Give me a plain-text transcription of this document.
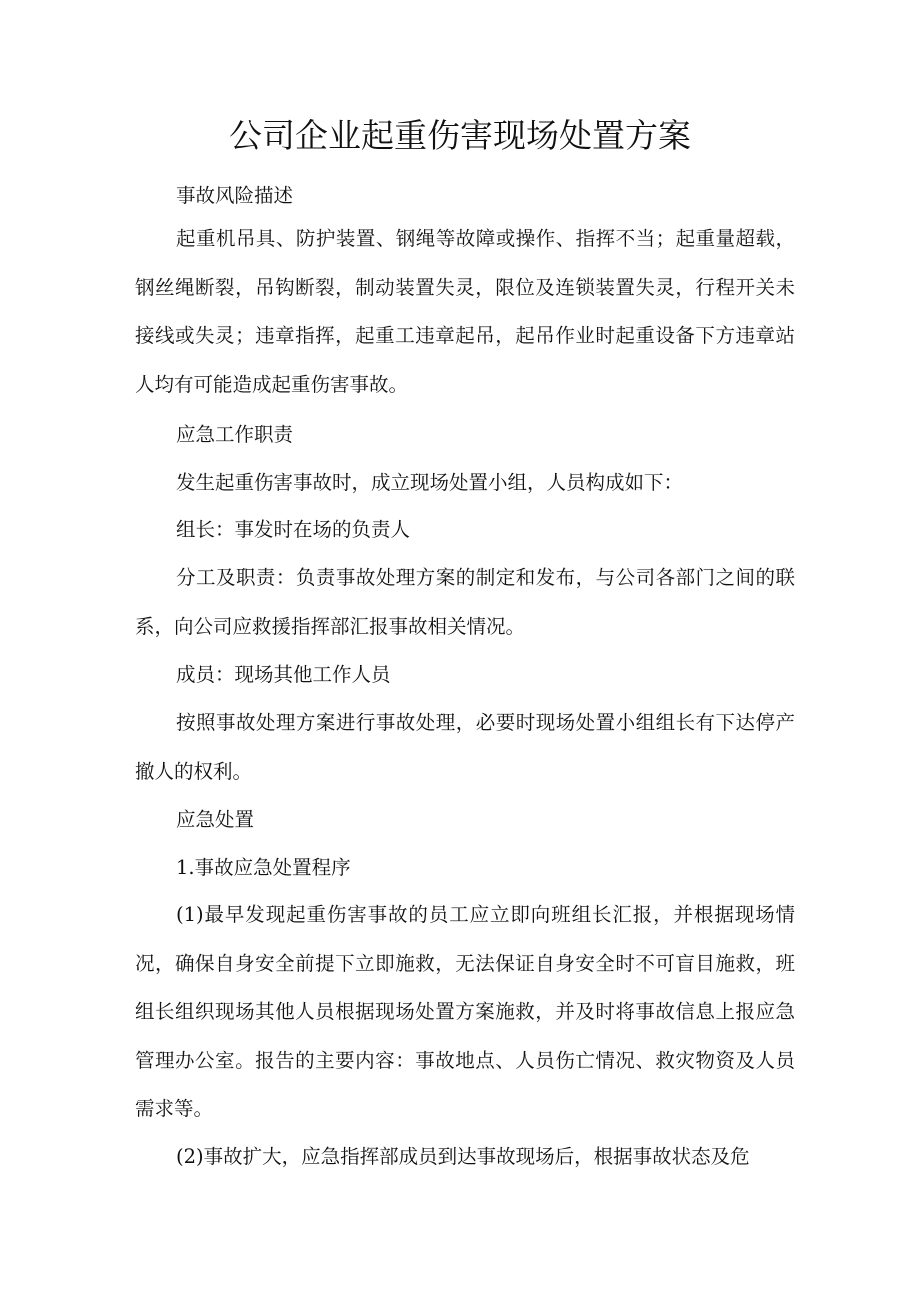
公司企业起重伤害现场处置方案

事故风险描述

起重机吊具、防护装置、钢绳等故障或操作、指挥不当；起重量超载，钢丝绳断裂，吊钩断裂，制动装置失灵，限位及连锁装置失灵，行程开关未接线或失灵；违章指挥，起重工违章起吊，起吊作业时起重设备下方违章站人均有可能造成起重伤害事故。

应急工作职责

发生起重伤害事故时，成立现场处置小组，人员构成如下：

组长：事发时在场的负责人

分工及职责：负责事故处理方案的制定和发布，与公司各部门之间的联系，向公司应救援指挥部汇报事故相关情况。

成员：现场其他工作人员

按照事故处理方案进行事故处理，必要时现场处置小组组长有下达停产撤人的权利。

应急处置

1.事故应急处置程序

(1)最早发现起重伤害事故的员工应立即向班组长汇报，并根据现场情况，确保自身安全前提下立即施救，无法保证自身安全时不可盲目施救，班组长组织现场其他人员根据现场处置方案施救，并及时将事故信息上报应急管理办公室。报告的主要内容：事故地点、人员伤亡情况、救灾物资及人员需求等。

(2)事故扩大，应急指挥部成员到达事故现场后，根据事故状态及危
